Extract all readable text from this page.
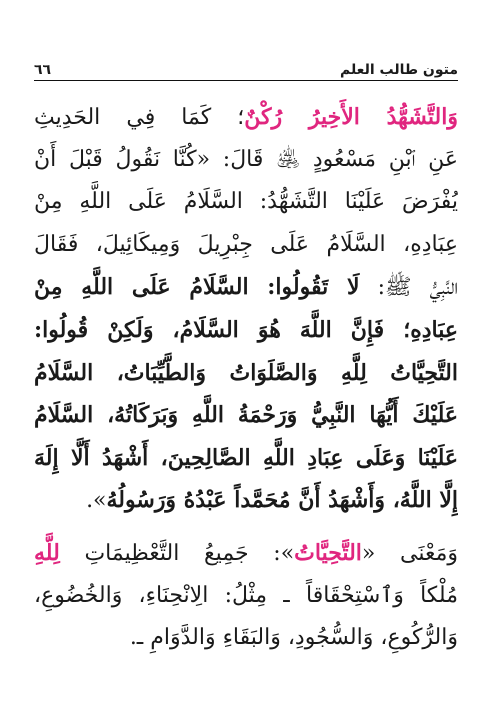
متون طالب العلم
٦٦
وَالتَّشَهُّدُ الأَخِيرُ رُكْنٌ؛ كَمَا فِي الحَدِيثِ
عَنِ ٱبْنِ مَسْعُودٍ ﵁ قَالَ: «كُنَّا نَقُولُ قَبْلَ أَنْ
يُفْرَضَ عَلَيْنَا التَّشَهُّدُ: السَّلَامُ عَلَى اللَّهِ مِنْ
عِبَادِهِ، السَّلَامُ عَلَى جِبْرِيلَ وَمِيكَائِيلَ، فَقَالَ
النَّبِيُّ ﷺ: لَا تَقُولُوا: السَّلَامُ عَلَى اللَّهِ مِنْ
عِبَادِهِ؛ فَإِنَّ اللَّهَ هُوَ السَّلَامُ، وَلَكِنْ قُولُوا:
التَّحِيَّاتُ لِلَّهِ وَالصَّلَوَاتُ وَالطَّيِّبَاتُ، السَّلَامُ
عَلَيْكَ أَيُّهَا النَّبِيُّ وَرَحْمَةُ اللَّهِ وَبَرَكَاتُهُ، السَّلَامُ
عَلَيْنَا وَعَلَى عِبَادِ اللَّهِ الصَّالِحِينَ، أَشْهَدُ أَلَّا إِلَهَ
إِلَّا اللَّهُ، وَأَشْهَدُ أَنَّ مُحَمَّداً عَبْدُهُ وَرَسُولُهُ».
وَمَعْنَى «التَّحِيَّاتُ»: جَمِيعُ التَّعْظِيمَاتِ لِلَّهِ
مُلْكاً وَٱسْتِحْقَاقاً ـ مِثْلُ: الِانْحِنَاءِ، وَالخُضُوعِ،
وَالرُّكُوعِ، وَالسُّجُودِ، وَالبَقَاءِ وَالدَّوَامِ ـ.
